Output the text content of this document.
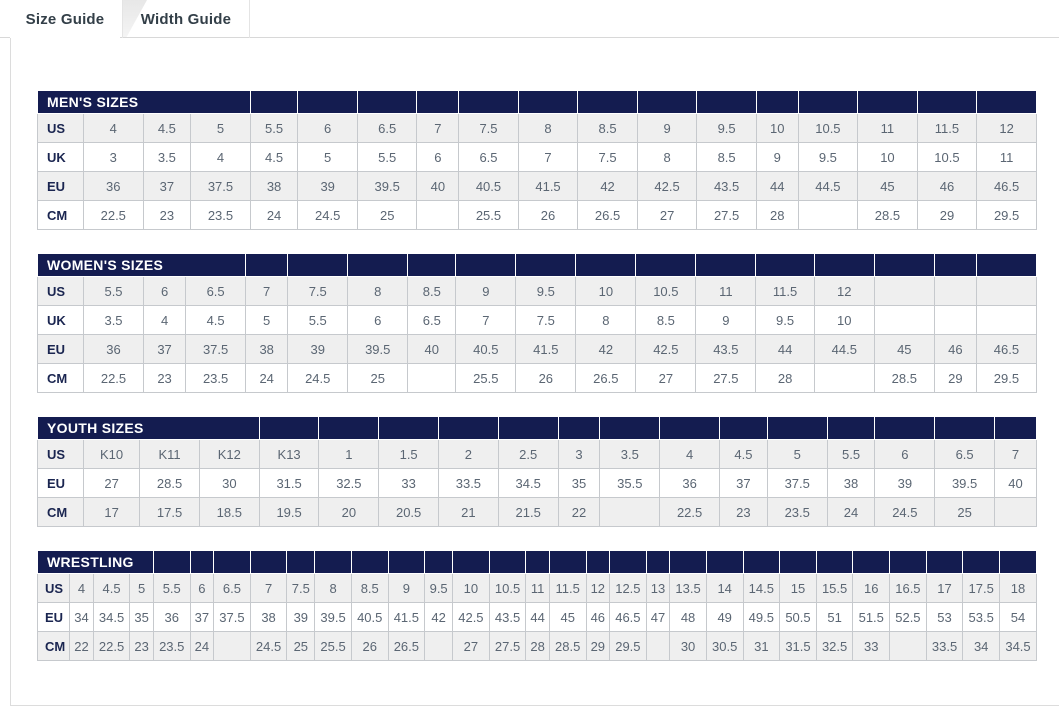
Size Guide Width Guide
MEN'S SIZES																	
US	4	4.5	5	5.5	6	6.5	7	7.5	8	8.5	9	9.5	10	10.5	11	11.5	12
UK	3	3.5	4	4.5	5	5.5	6	6.5	7	7.5	8	8.5	9	9.5	10	10.5	11
EU	36	37	37.5	38	39	39.5	40	40.5	41.5	42	42.5	43.5	44	44.5	45	46	46.5
CM	22.5	23	23.5	24	24.5	25		25.5	26	26.5	27	27.5	28		28.5	29	29.5
WOMEN'S SIZES																	
US	5.5	6	6.5	7	7.5	8	8.5	9	9.5	10	10.5	11	11.5	12			
UK	3.5	4	4.5	5	5.5	6	6.5	7	7.5	8	8.5	9	9.5	10			
EU	36	37	37.5	38	39	39.5	40	40.5	41.5	42	42.5	43.5	44	44.5	45	46	46.5
CM	22.5	23	23.5	24	24.5	25		25.5	26	26.5	27	27.5	28		28.5	29	29.5
YOUTH SIZES																	
US	K10	K11	K12	K13	1	1.5	2	2.5	3	3.5	4	4.5	5	5.5	6	6.5	7
EU	27	28.5	30	31.5	32.5	33	33.5	34.5	35	35.5	36	37	37.5	38	39	39.5	40
CM	17	17.5	18.5	19.5	20	20.5	21	21.5	22		22.5	23	23.5	24	24.5	25	
WRESTLING																													
US	4	4.5	5	5.5	6	6.5	7	7.5	8	8.5	9	9.5	10	10.5	11	11.5	12	12.5	13	13.5	14	14.5	15	15.5	16	16.5	17	17.5	18
EU	34	34.5	35	36	37	37.5	38	39	39.5	40.5	41.5	42	42.5	43.5	44	45	46	46.5	47	48	49	49.5	50.5	51	51.5	52.5	53	53.5	54
CM	22	22.5	23	23.5	24		24.5	25	25.5	26	26.5		27	27.5	28	28.5	29	29.5		30	30.5	31	31.5	32.5	33		33.5	34	34.5
